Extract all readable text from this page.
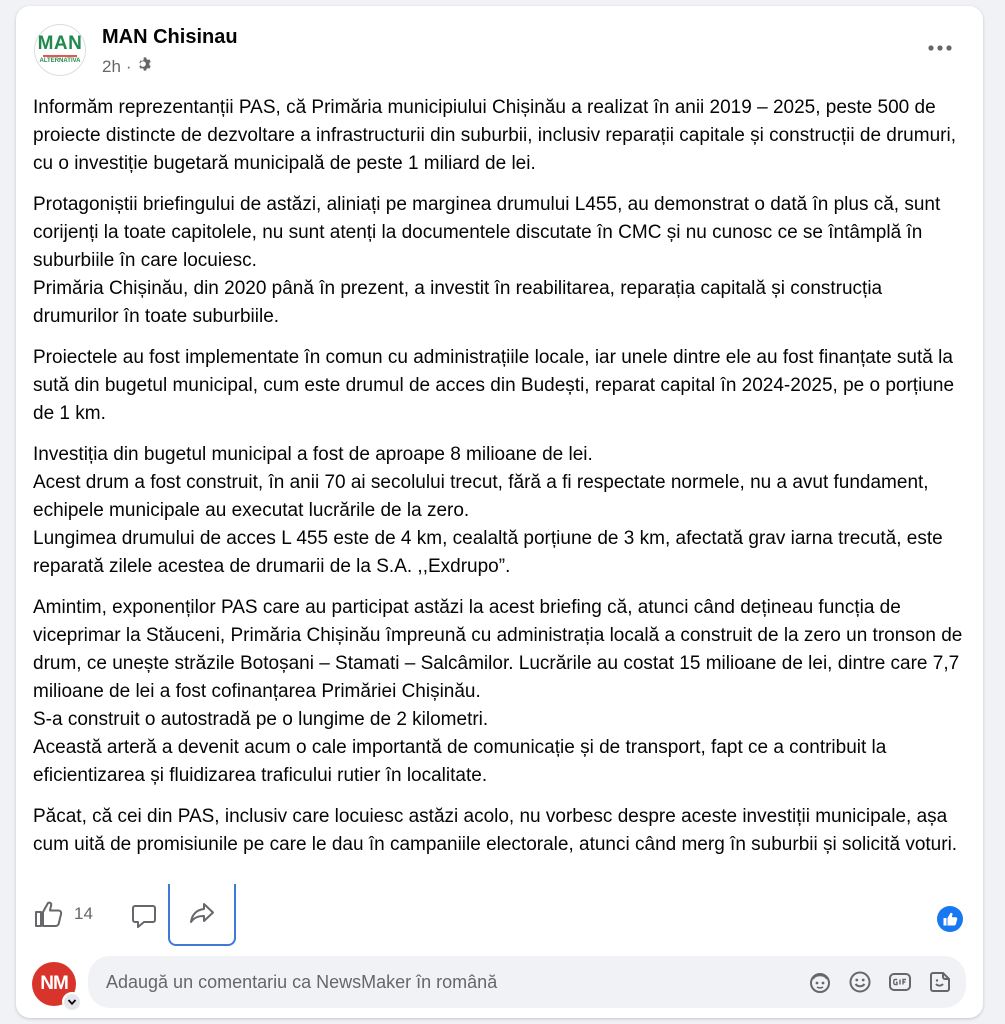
MAN
ALTERNATIVA
MAN Chisinau
2h ·

Informăm reprezentanții PAS, că Primăria municipiului Chișinău a realizat în anii 2019 – 2025, peste 500 de proiecte distincte de dezvoltare a infrastructurii din suburbii, inclusiv reparații capitale și construcții de drumuri, cu o investiție bugetară municipală de peste 1 miliard de lei.

Protagoniștii briefingului de astăzi, aliniați pe marginea drumului L455, au demonstrat o dată în plus că, sunt corijenți la toate capitolele, nu sunt atenți la documentele discutate în CMC și nu cunosc ce se întâmplă în suburbiile în care locuiesc.
Primăria Chișinău, din 2020 până în prezent, a investit în reabilitarea, reparația capitală și construcția drumurilor în toate suburbiile.

Proiectele au fost implementate în comun cu administrațiile locale, iar unele dintre ele au fost finanțate sută la sută din bugetul municipal, cum este drumul de acces din Budești, reparat capital în 2024-2025, pe o porțiune de 1 km.

Investiția din bugetul municipal a fost de aproape 8 milioane de lei.
Acest drum a fost construit, în anii 70 ai secolului trecut, fără a fi respectate normele, nu a avut fundament, echipele municipale au executat lucrările de la zero.
Lungimea drumului de acces L 455 este de 4 km, cealaltă porțiune de 3 km, afectată grav iarna trecută, este reparată zilele acestea de drumarii de la S.A. ,,Exdrupo”.

Amintim, exponenților PAS care au participat astăzi la acest briefing că, atunci când dețineau funcția de viceprimar la Stăuceni, Primăria Chișinău împreună cu administrația locală a construit de la zero un tronson de drum, ce unește străzile Botoșani – Stamati – Salcâmilor. Lucrările au costat 15 milioane de lei, dintre care 7,7 milioane de lei a fost cofinanțarea Primăriei Chișinău.
S-a construit o autostradă pe o lungime de 2 kilometri.
Această arteră a devenit acum o cale importantă de comunicație și de transport, fapt ce a contribuit la eficientizarea și fluidizarea traficului rutier în localitate.

Păcat, că cei din PAS, inclusiv care locuiesc astăzi acolo, nu vorbesc despre aceste investiții municipale, așa cum uită de promisiunile pe care le dau în campaniile electorale, atunci când merg în suburbii și solicită voturi.

14
NM
Adaugă un comentariu ca NewsMaker în română
